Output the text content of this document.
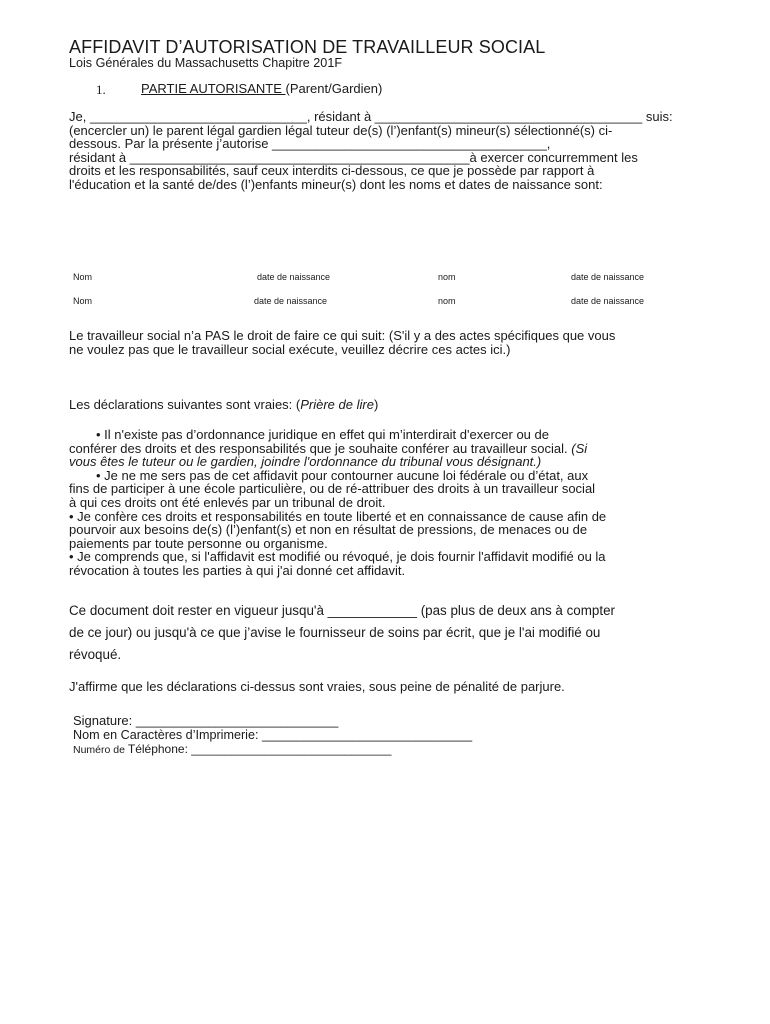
AFFIDAVIT D’AUTORISATION DE TRAVAILLEUR SOCIAL
Lois Générales du Massachusetts Chapitre 201F
1.	PARTIE AUTORISANTE (Parent/Gardien)
Je, ______________________________, résidant à _____________________________________ suis:
(encercler un) le parent légal gardien légal tuteur de(s) (l’)enfant(s) mineur(s) sélectionné(s) ci-
dessous. Par la présente j’autorise ______________________________________,
résidant à _______________________________________________à exercer concurremment les
droits et les responsabilités, sauf ceux interdits ci-dessous, ce que je possède par rapport à
l'éducation et la santé de/des (l’)enfants mineur(s) dont les noms et dates de naissance sont:
Nom	date de naissance	nom	date de naissance
Nom	date de naissance	nom	date de naissance
Le travailleur social n’a PAS le droit de faire ce qui suit: (S'il y a des actes spécifiques que vous
ne voulez pas que le travailleur social exécute, veuillez décrire ces actes ici.)
Les déclarations suivantes sont vraies: (Prière de lire)
• Il n'existe pas d’ordonnance juridique en effet qui m’interdirait d'exercer ou de
conférer des droits et des responsabilités que je souhaite conférer au travailleur social. (Si
vous êtes le tuteur ou le gardien, joindre l'ordonnance du tribunal vous désignant.)
• Je ne me sers pas de cet affidavit pour contourner aucune loi fédérale ou d’état, aux
fins de participer à une école particulière, ou de ré-attribuer des droits à un travailleur social
à qui ces droits ont été enlevés par un tribunal de droit.
• Je confère ces droits et responsabilités en toute liberté et en connaissance de cause afin de
pourvoir aux besoins de(s) (l’)enfant(s) et non en résultat de pressions, de menaces ou de
paiements par toute personne ou organisme.
• Je comprends que, si l'affidavit est modifié ou révoqué, je dois fournir l'affidavit modifié ou la
révocation à toutes les parties à qui j'ai donné cet affidavit.
Ce document doit rester en vigueur jusqu'à ____________ (pas plus de deux ans à compter
de ce jour) ou jusqu'à ce que j’avise le fournisseur de soins par écrit, que je l'ai modifié ou
révoqué.
J'affirme que les déclarations ci-dessus sont vraies, sous peine de pénalité de parjure.
Signature: ____________________________
Nom en Caractères d’Imprimerie: ______________________________
Numéro de Téléphone: ______________________________
